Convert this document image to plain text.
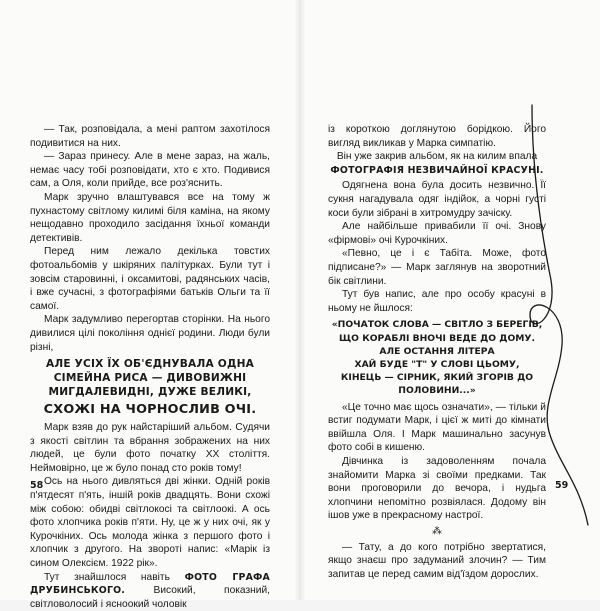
— Так, розповідала, а мені раптом захотілося подивитися на них.

— Зараз принесу. Але в мене зараз, на жаль, немає часу тобі розповідати, хто є хто. Подивися сам, а Оля, коли прийде, все роз'яснить.

Марк зручно влаштувався все на тому ж пухнастому світлому килимі біля каміна, на якому нещодавно проходило засідання їхньої команди детективів.

Перед ним лежало декілька товстих фотоальбомів у шкіряних палітурках. Були тут і зовсім старовинні, і оксамитові, радянських часів, і вже сучасні, з фотографіями батьків Ольги та її самої.

Марк задумливо перегортав сторінки. На нього дивилися цілі покоління однієї родини. Люди були різні,

АЛЕ УСІХ ЇХ ОБ'ЄДНУВАЛА ОДНА СІМЕЙНА РИСА — ДИВОВИЖНІ МИГДАЛЕВИДНІ, ДУЖЕ ВЕЛИКІ,

СХОЖІ НА ЧОРНОСЛИВ ОЧІ.

Марк взяв до рук найстаріший альбом. Судячи з якості світлин та вбрання зображених на них людей, це були фото початку XX століття. Неймовірно, це ж було понад сто років тому!

Ось на нього дивляться дві жінки. Одній років п'ятдесят п'ять, іншій років двадцять. Вони схожі між собою: обидві світлокосі та світлоокі. А ось фото хлопчика років п'яти. Ну, це ж у них очі, як у Курочкіних. Ось молода жінка з першого фото і хлопчик з другого. На звороті напис: «Марік із сином Олексієм. 1922 рік».

Тут знайшлося навіть ФОТО ГРАФА ДРУБИНСЬКОГО.	Високий, показний, світловолосий і ясноокий чоловік

58

із короткою доглянутою борідкою. Його вигляд викликав у Марка симпатію.

Він уже закрив альбом, як на килим впала

ФОТОГРАФІЯ НЕЗВИЧАЙНОЇ КРАСУНІ.

Одягнена вона була досить незвично. Її сукня нагадувала одяг індійок, а чорні густі коси були зібрані в хитромудру зачіску.

Але найбільше привабили її очі. Знову «фірмові» очі Курочкіних.

«Певно, це і є Табіта. Може, фото підписане?» — Марк заглянув на зворотний бік світлини.

Тут був напис, але про особу красуні в ньому не йшлося:

«ПОЧАТОК СЛОВА — СВІТЛО З БЕРЕГІВ,

ЩО КОРАБЛІ ВНОЧІ ВЕДЕ ДО ДОМУ.

АЛЕ ОСТАННЯ ЛІТЕРА

ХАЙ БУДЕ "Т" У СЛОВІ ЦЬОМУ,

КІНЕЦЬ — СІРНИК, ЯКИЙ ЗГОРІВ ДО ПОЛОВИНИ...»

«Це точно має щось означати», — тільки й встиг подумати Марк, і цієї ж миті до кімнати ввійшла Оля. І Марк машинально засунув фото собі в кишеню.

Дівчинка із задоволенням почала знайомити Марка зі своїми предками. Так вони проговорили до вечора, і нудьга хлопчини непомітно розвіялася. Додому він ішов уже в прекрасному настрої.

⁂

— Тату, а до кого потрібно звертатися, якщо знаєш про задуманий злочин? — Тим запитав це перед самим від'їздом дорослих.

59
